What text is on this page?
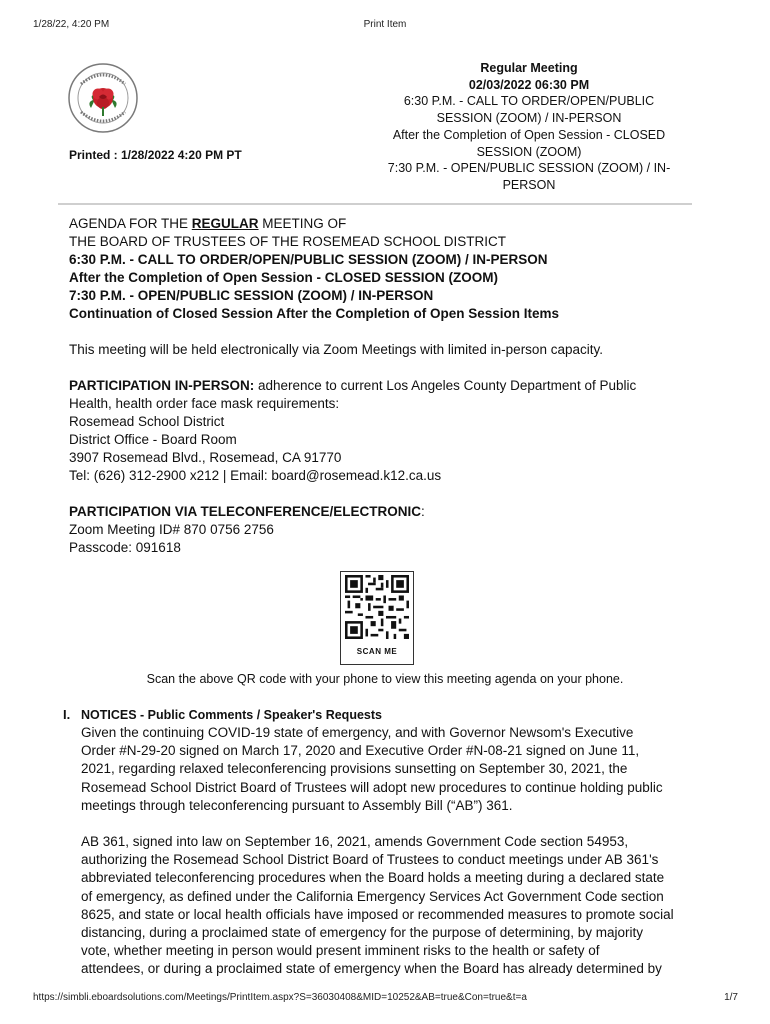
1/28/22, 4:20 PM	Print Item
Printed : 1/28/2022 4:20 PM PT
Regular Meeting
02/03/2022 06:30 PM
6:30 P.M. - CALL TO ORDER/OPEN/PUBLIC
SESSION (ZOOM) / IN-PERSON
After the Completion of Open Session - CLOSED
SESSION (ZOOM)
7:30 P.M. - OPEN/PUBLIC SESSION (ZOOM) / IN-
PERSON

AGENDA FOR THE REGULAR MEETING OF

THE BOARD OF TRUSTEES OF THE ROSEMEAD SCHOOL DISTRICT

6:30 P.M. - CALL TO ORDER/OPEN/PUBLIC SESSION (ZOOM) / IN-PERSON

After the Completion of Open Session - CLOSED SESSION (ZOOM)

7:30 P.M. - OPEN/PUBLIC SESSION (ZOOM) / IN-PERSON

Continuation of Closed Session After the Completion of Open Session Items

This meeting will be held electronically via Zoom Meetings with limited in-person capacity.

PARTICIPATION IN-PERSON: adherence to current Los Angeles County Department of Public

Health, health order face mask requirements:

Rosemead School District

District Office - Board Room

3907 Rosemead Blvd., Rosemead, CA 91770

Tel: (626) 312-2900 x212 | Email: board@rosemead.k12.ca.us

PARTICIPATION VIA TELECONFERENCE/ELECTRONIC:

Zoom Meeting ID# 870 0756 2756

Passcode: 091618

SCAN ME
Scan the above QR code with your phone to view this meeting agenda on your phone.
I. NOTICES - Public Comments / Speaker's Requests

Given the continuing COVID-19 state of emergency, and with Governor Newsom's Executive

Order #N-29-20 signed on March 17, 2020 and Executive Order #N-08-21 signed on June 11,

2021, regarding relaxed teleconferencing provisions sunsetting on September 30, 2021, the

Rosemead School District Board of Trustees will adopt new procedures to continue holding public

meetings through teleconferencing pursuant to Assembly Bill (“AB”) 361.

AB 361, signed into law on September 16, 2021, amends Government Code section 54953,

authorizing the Rosemead School District Board of Trustees to conduct meetings under AB 361's

abbreviated teleconferencing procedures when the Board holds a meeting during a declared state

of emergency, as defined under the California Emergency Services Act Government Code section

8625, and state or local health officials have imposed or recommended measures to promote social

distancing, during a proclaimed state of emergency for the purpose of determining, by majority

vote, whether meeting in person would present imminent risks to the health or safety of

attendees, or during a proclaimed state of emergency when the Board has already determined by

https://simbli.eboardsolutions.com/Meetings/PrintItem.aspx?S=36030408&MID=10252&AB=true&Con=true&t=a	1/7
